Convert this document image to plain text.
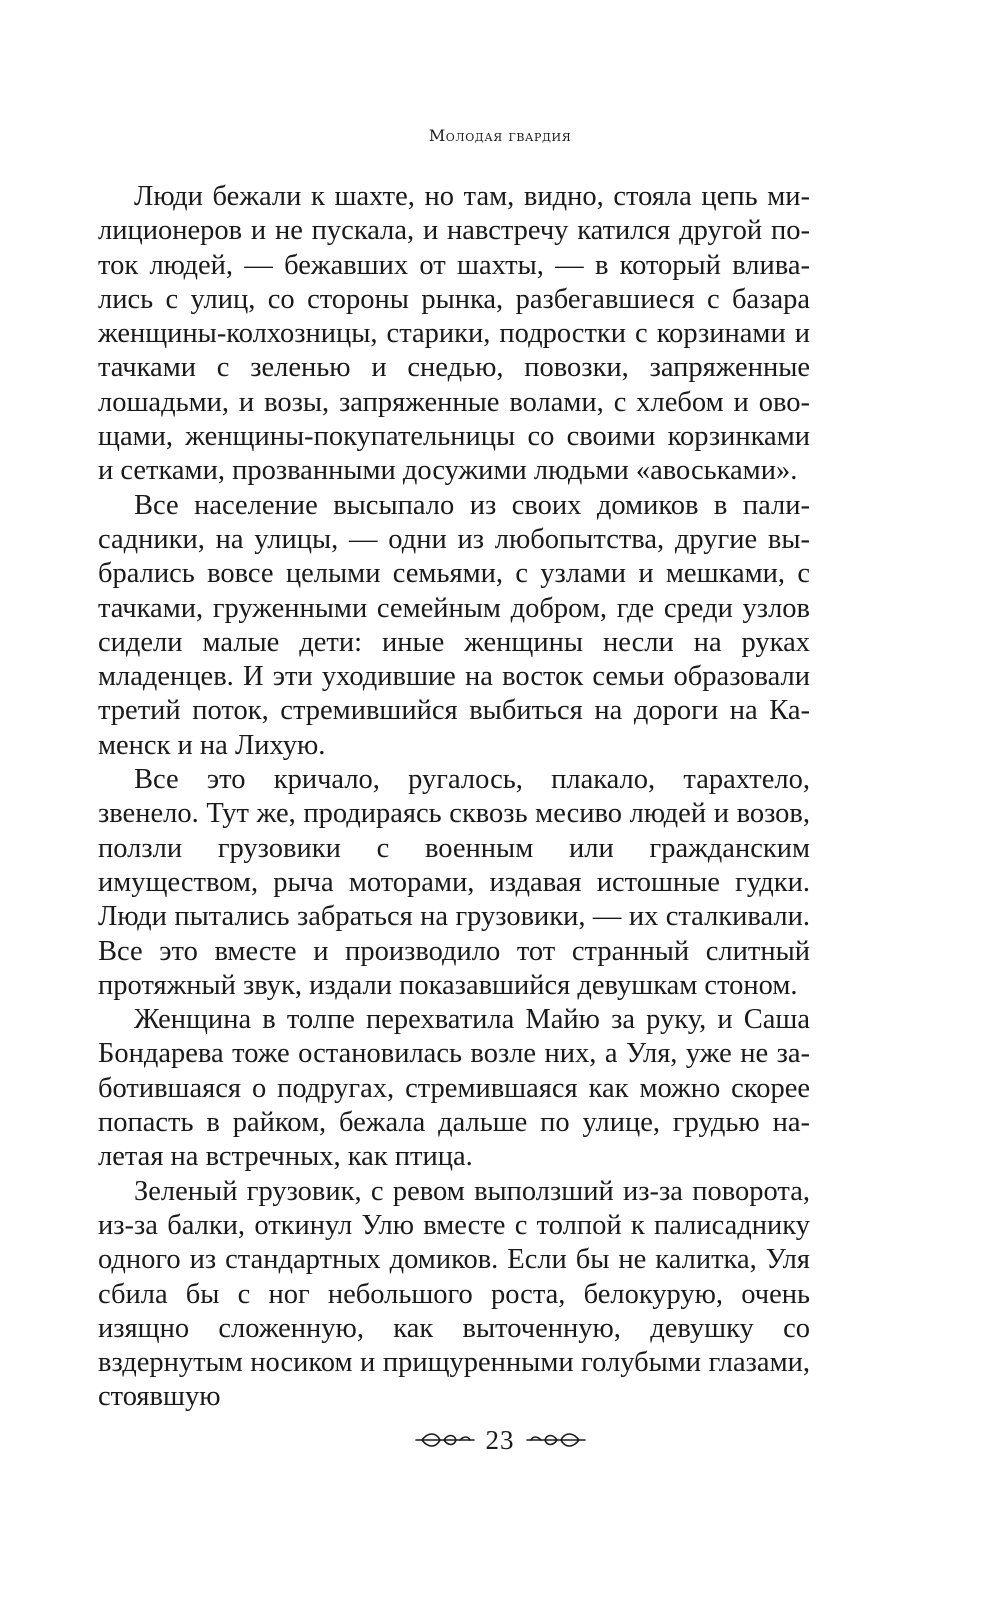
Молодая гвардия

Люди бежали к шахте, но там, видно, стояла цепь милиционеров и не пускала, и навстречу катился другой поток людей, — бежавших от шахты, — в который вливались с улиц, со стороны рынка, разбегавшиеся с базара женщины-колхозницы, старики, подростки с корзинами и тачками с зеленью и снедью, повозки, запряженные лошадьми, и возы, запряженные волами, с хлебом и овощами, женщины-покупательницы со своими корзинками и сетками, прозванными досужими людьми «авоськами».

Все население высыпало из своих домиков в палисадники, на улицы, — одни из любопытства, другие выбрались вовсе целыми семьями, с узлами и мешками, с тачками, груженными семейным добром, где среди узлов сидели малые дети: иные женщины несли на руках младенцев. И эти уходившие на восток семьи образовали третий поток, стремившийся выбиться на дороги на Каменск и на Лихую.

Все это кричало, ругалось, плакало, тарахтело, звенело. Тут же, продираясь сквозь месиво людей и возов, ползли грузовики с военным или гражданским имуществом, рыча моторами, издавая истошные гудки. Люди пытались забраться на грузовики, — их сталкивали. Все это вместе и производило тот странный слитный протяжный звук, издали показавшийся девушкам стоном.

Женщина в толпе перехватила Майю за руку, и Саша Бондарева тоже остановилась возле них, а Уля, уже не заботившаяся о подругах, стремившаяся как можно скорее попасть в райком, бежала дальше по улице, грудью налетая на встречных, как птица.

Зеленый грузовик, с ревом выползший из-за поворота, из-за балки, откинул Улю вместе с толпой к палисаднику одного из стандартных домиков. Если бы не калитка, Уля сбила бы с ног небольшого роста, белокурую, очень изящно сложенную, как выточенную, девушку со вздернутым носиком и прищуренными голубыми глазами, стоявшую

23
